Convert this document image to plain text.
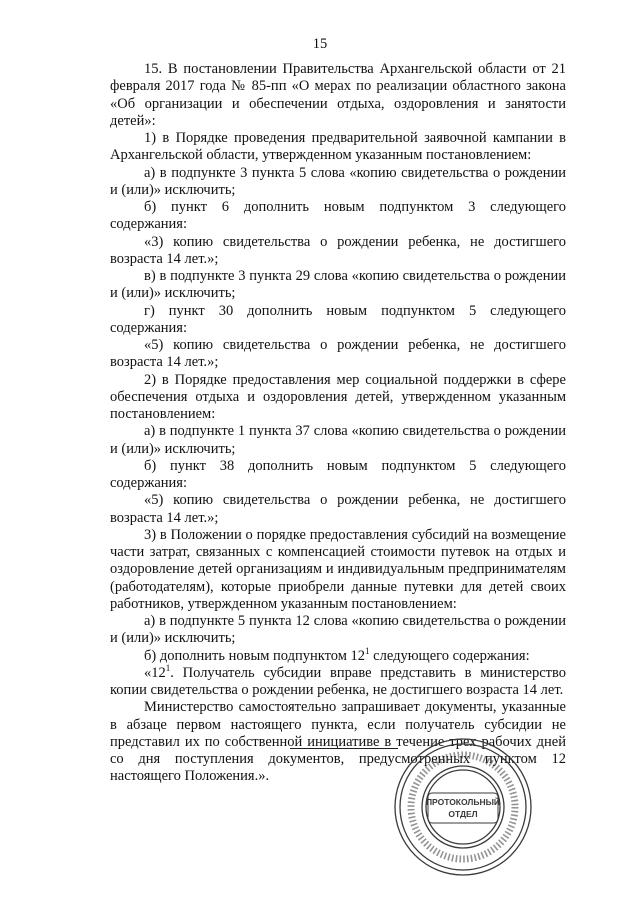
15

15. В постановлении Правительства Архангельской области от 21 февраля 2017 года № 85-пп «О мерах по реализации областного закона «Об организации и обеспечении отдыха, оздоровления и занятости детей»:

1) в Порядке проведения предварительной заявочной кампании в Архангельской области, утвержденном указанным постановлением:

а) в подпункте 3 пункта 5 слова «копию свидетельства о рождении и (или)» исключить;

б) пункт 6 дополнить новым подпунктом 3 следующего содержания:

«3) копию свидетельства о рождении ребенка, не достигшего возраста 14 лет.»;

в) в подпункте 3 пункта 29 слова «копию свидетельства о рождении и (или)» исключить;

г) пункт 30 дополнить новым подпунктом 5 следующего содержания:

«5) копию свидетельства о рождении ребенка, не достигшего возраста 14 лет.»;

2) в Порядке предоставления мер социальной поддержки в сфере обеспечения отдыха и оздоровления детей, утвержденном указанным постановлением:

а) в подпункте 1 пункта 37 слова «копию свидетельства о рождении и (или)» исключить;

б) пункт 38 дополнить новым подпунктом 5 следующего содержания:

«5) копию свидетельства о рождении ребенка, не достигшего возраста 14 лет.»;

3) в Положении о порядке предоставления субсидий на возмещение части затрат, связанных с компенсацией стоимости путевок на отдых и оздоровление детей организациям и индивидуальным предпринимателям (работодателям), которые приобрели данные путевки для детей своих работников, утвержденном указанным постановлением:

а) в подпункте 5 пункта 12 слова «копию свидетельства о рождении и (или)» исключить;

б) дополнить новым подпунктом $12^1$ следующего содержания:

«$12^1$. Получатель субсидии вправе представить в министерство копии свидетельства о рождении ребенка, не достигшего возраста 14 лет.

Министерство самостоятельно запрашивает документы, указанные в абзаце первом настоящего пункта, если получатель субсидии не представил их по собственной инициативе в течение трех рабочих дней со дня поступления документов, предусмотренных пунктом 12 настоящего Положения.».

ПРОТОКОЛЬНЫЙ
ОТДЕЛ
